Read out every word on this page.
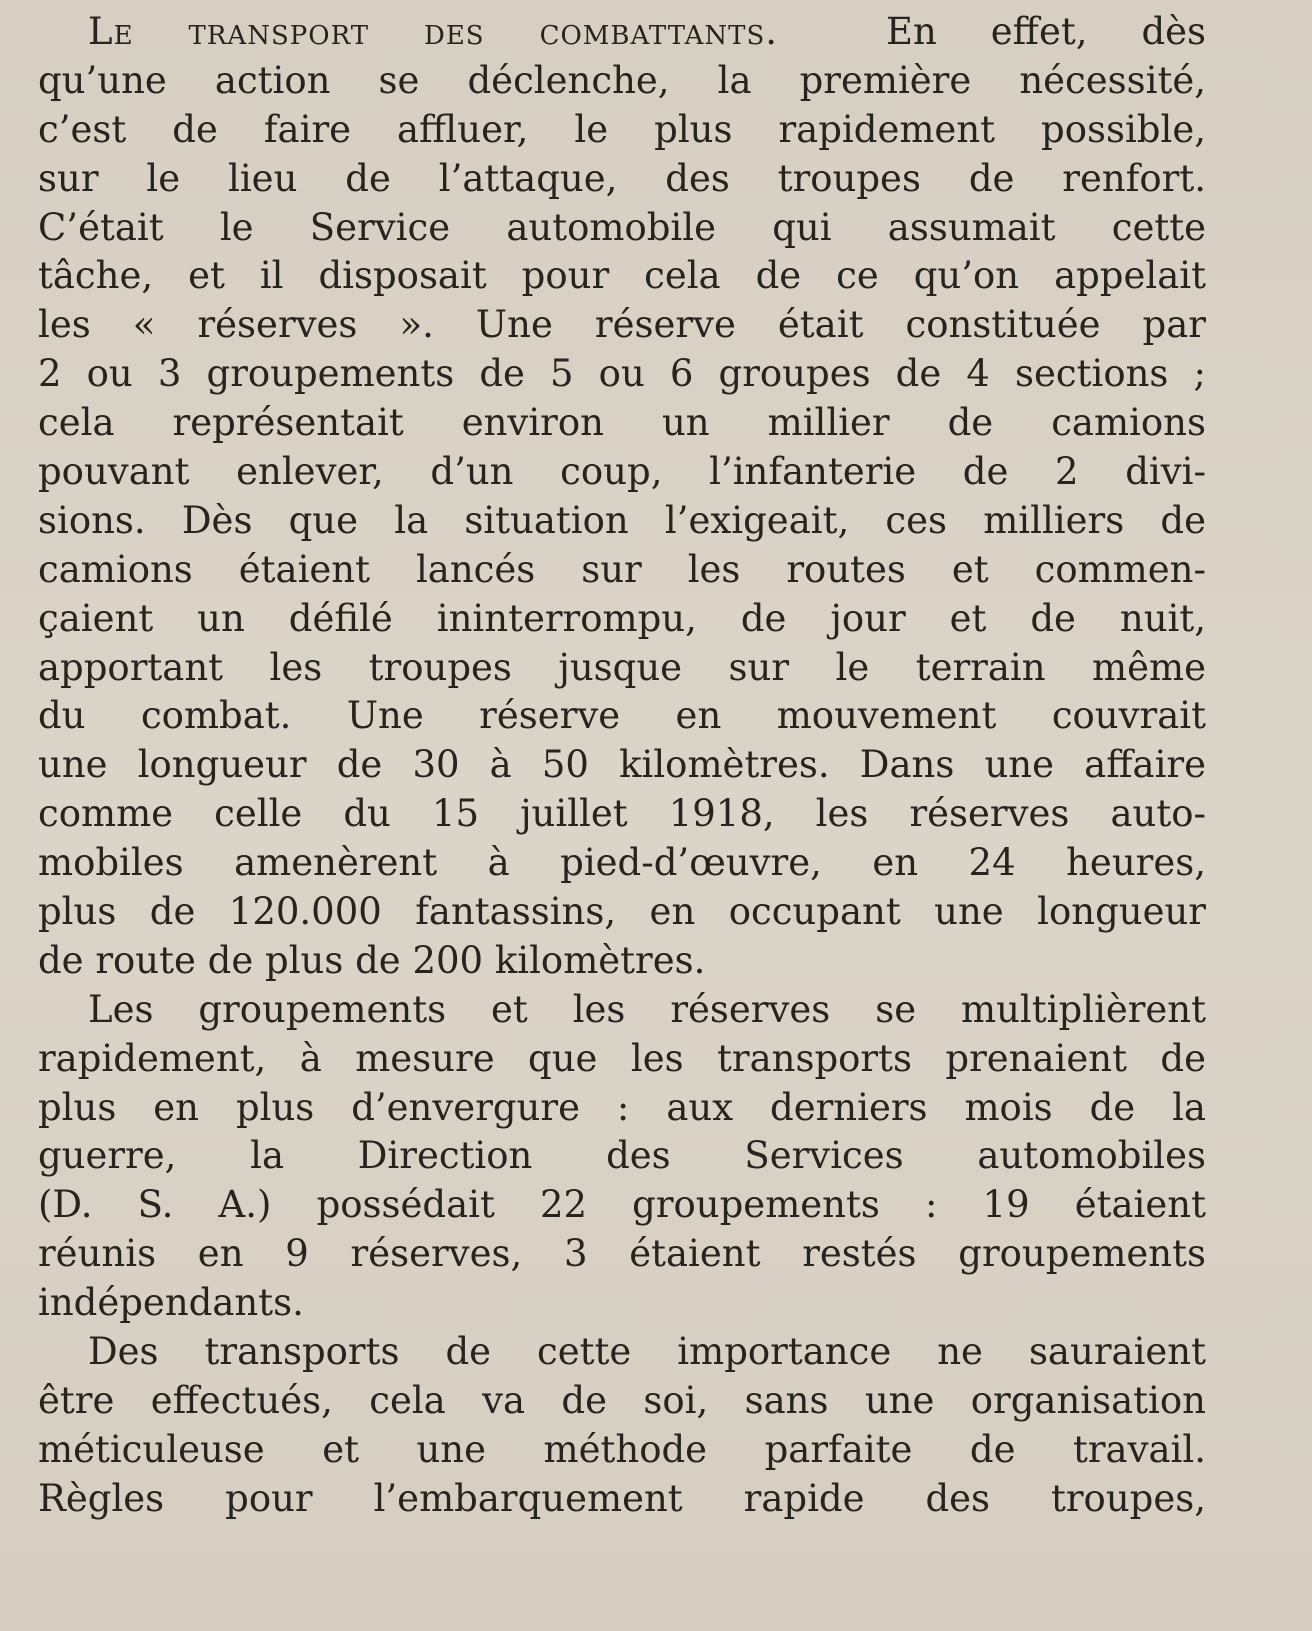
Le transport des combattants.	En effet, dès
qu’une action se déclenche, la première nécessité,
c’est de faire affluer, le plus rapidement possible,
sur le lieu de l’attaque, des troupes de renfort.
C’était le Service automobile qui assumait cette
tâche, et il disposait pour cela de ce qu’on appelait
les « réserves ». Une réserve était constituée par
2 ou 3 groupements de 5 ou 6 groupes de 4 sections ;
cela représentait environ un millier de camions
pouvant enlever, d’un coup, l’infanterie de 2 divi-
sions. Dès que la situation l’exigeait, ces milliers de
camions étaient lancés sur les routes et commen-
çaient un défilé ininterrompu, de jour et de nuit,
apportant les troupes jusque sur le terrain même
du combat. Une réserve en mouvement couvrait
une longueur de 30 à 50 kilomètres. Dans une affaire
comme celle du 15 juillet 1918, les réserves auto-
mobiles amenèrent à pied-d’œuvre, en 24 heures,
plus de 120.000 fantassins, en occupant une longueur
de route de plus de 200 kilomètres.
Les groupements et les réserves se multiplièrent
rapidement, à mesure que les transports prenaient de
plus en plus d’envergure : aux derniers mois de la
guerre, la Direction des Services automobiles
(D. S. A.) possédait 22 groupements : 19 étaient
réunis en 9 réserves, 3 étaient restés groupements
indépendants.
Des transports de cette importance ne sauraient
être effectués, cela va de soi, sans une organisation
méticuleuse et une méthode parfaite de travail.
Règles pour l’embarquement rapide des troupes,
